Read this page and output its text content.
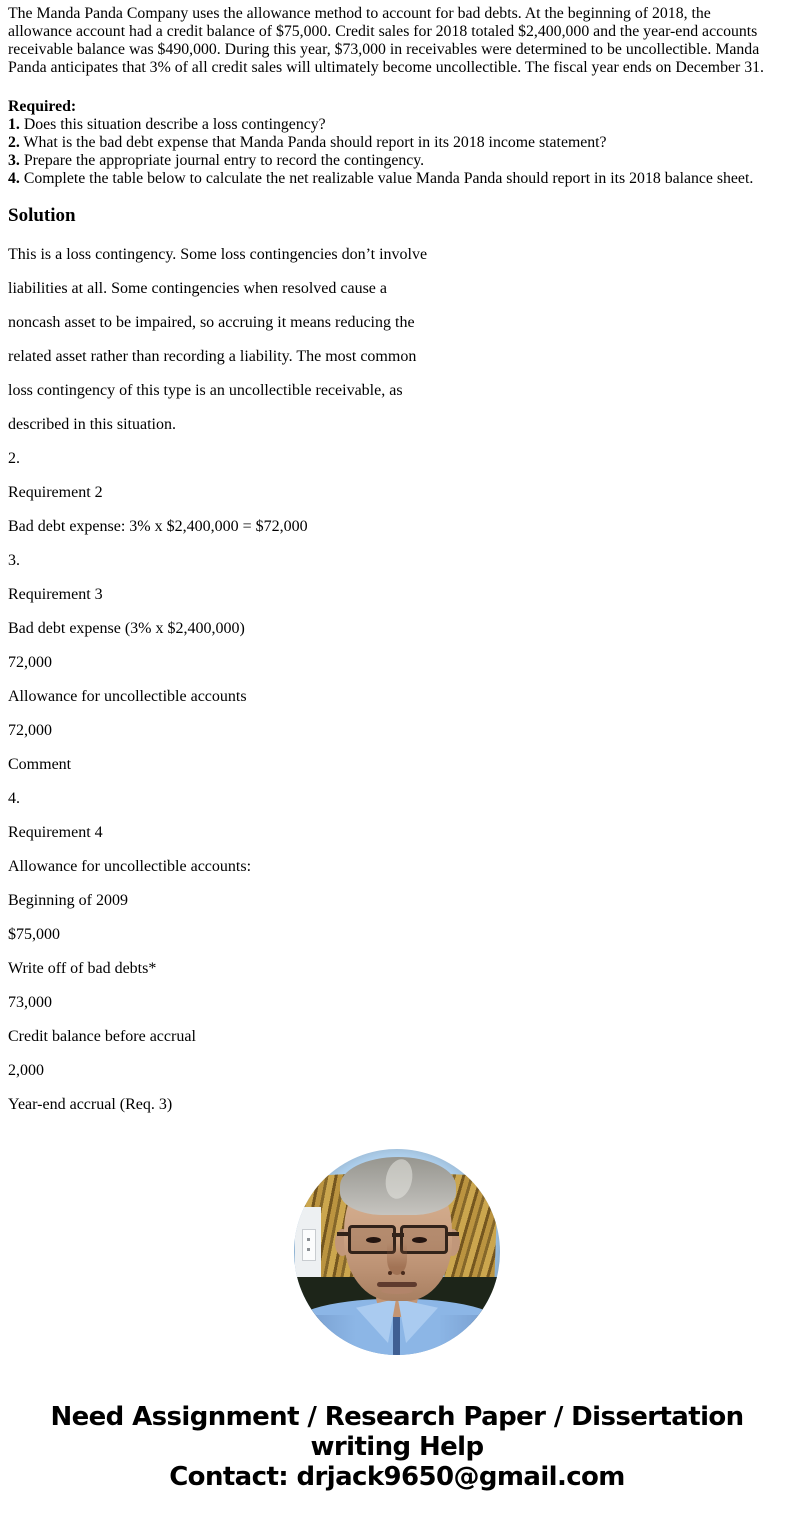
The Manda Panda Company uses the allowance method to account for bad debts. At the beginning of 2018, the
allowance account had a credit balance of $75,000. Credit sales for 2018 totaled $2,400,000 and the year-end accounts
receivable balance was $490,000. During this year, $73,000 in receivables were determined to be uncollectible. Manda
Panda anticipates that 3% of all credit sales will ultimately become uncollectible. The fiscal year ends on December 31.
Required:
1. Does this situation describe a loss contingency?
2. What is the bad debt expense that Manda Panda should report in its 2018 income statement?
3. Prepare the appropriate journal entry to record the contingency.
4. Complete the table below to calculate the net realizable value Manda Panda should report in its 2018 balance sheet.
Solution
This is a loss contingency. Some loss contingencies don’t involve
liabilities at all. Some contingencies when resolved cause a
noncash asset to be impaired, so accruing it means reducing the
related asset rather than recording a liability. The most common
loss contingency of this type is an uncollectible receivable, as
described in this situation.
2.
Requirement 2
Bad debt expense: 3% x $2,400,000 = $72,000
3.
Requirement 3
Bad debt expense (3% x $2,400,000)
72,000
Allowance for uncollectible accounts
72,000
Comment
4.
Requirement 4
Allowance for uncollectible accounts:
Beginning of 2009
$75,000
Write off of bad debts*
73,000
Credit balance before accrual
2,000
Year-end accrual (Req. 3)
Need Assignment / Research Paper / Dissertation
writing Help
Contact: drjack9650@gmail.com
